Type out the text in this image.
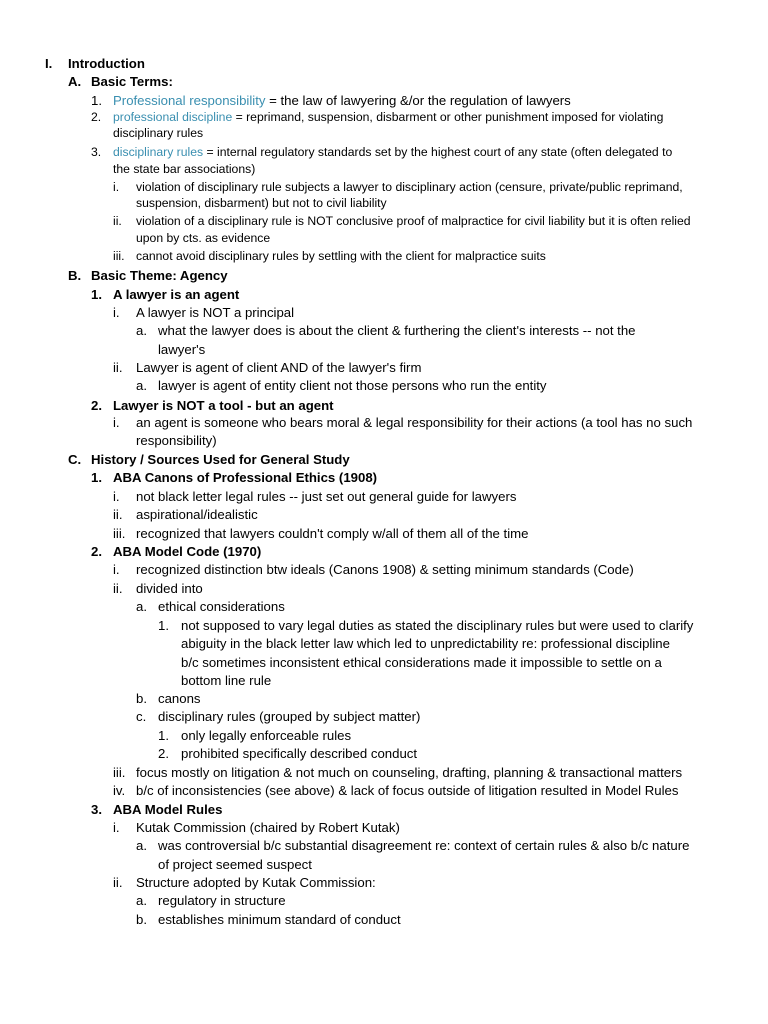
I. Introduction
A. Basic Terms:
1. Professional responsibility = the law of lawyering &/or the regulation of lawyers
2. professional discipline = reprimand, suspension, disbarment or other punishment imposed for violating
disciplinary rules
3. disciplinary rules = internal regulatory standards set by the highest court of any state (often delegated to
the state bar associations)
i. violation of disciplinary rule subjects a lawyer to disciplinary action (censure, private/public reprimand,
suspension, disbarment) but not to civil liability
ii. violation of a disciplinary rule is NOT conclusive proof of malpractice for civil liability but it is often relied
upon by cts. as evidence
iii. cannot avoid disciplinary rules by settling with the client for malpractice suits
B. Basic Theme: Agency
1. A lawyer is an agent
i. A lawyer is NOT a principal
a. what the lawyer does is about the client & furthering the client's interests -- not the
lawyer's
ii. Lawyer is agent of client AND of the lawyer's firm
a. lawyer is agent of entity client not those persons who run the entity
2. Lawyer is NOT a tool - but an agent
i. an agent is someone who bears moral & legal responsibility for their actions (a tool has no such
responsibility)
C. History / Sources Used for General Study
1. ABA Canons of Professional Ethics (1908)
i. not black letter legal rules -- just set out general guide for lawyers
ii. aspirational/idealistic
iii. recognized that lawyers couldn't comply w/all of them all of the time
2. ABA Model Code (1970)
i. recognized distinction btw ideals (Canons 1908) & setting minimum standards (Code)
ii. divided into
a. ethical considerations
1. not supposed to vary legal duties as stated the disciplinary rules but were used to clarify
abiguity in the black letter law which led to unpredictability re: professional discipline
b/c sometimes inconsistent ethical considerations made it impossible to settle on a
bottom line rule
b. canons
c. disciplinary rules (grouped by subject matter)
1. only legally enforceable rules
2. prohibited specifically described conduct
iii. focus mostly on litigation & not much on counseling, drafting, planning & transactional matters
iv. b/c of inconsistencies (see above) & lack of focus outside of litigation resulted in Model Rules
3. ABA Model Rules
i. Kutak Commission (chaired by Robert Kutak)
a. was controversial b/c substantial disagreement re: context of certain rules & also b/c nature
of project seemed suspect
ii. Structure adopted by Kutak Commission:
a. regulatory in structure
b. establishes minimum standard of conduct
